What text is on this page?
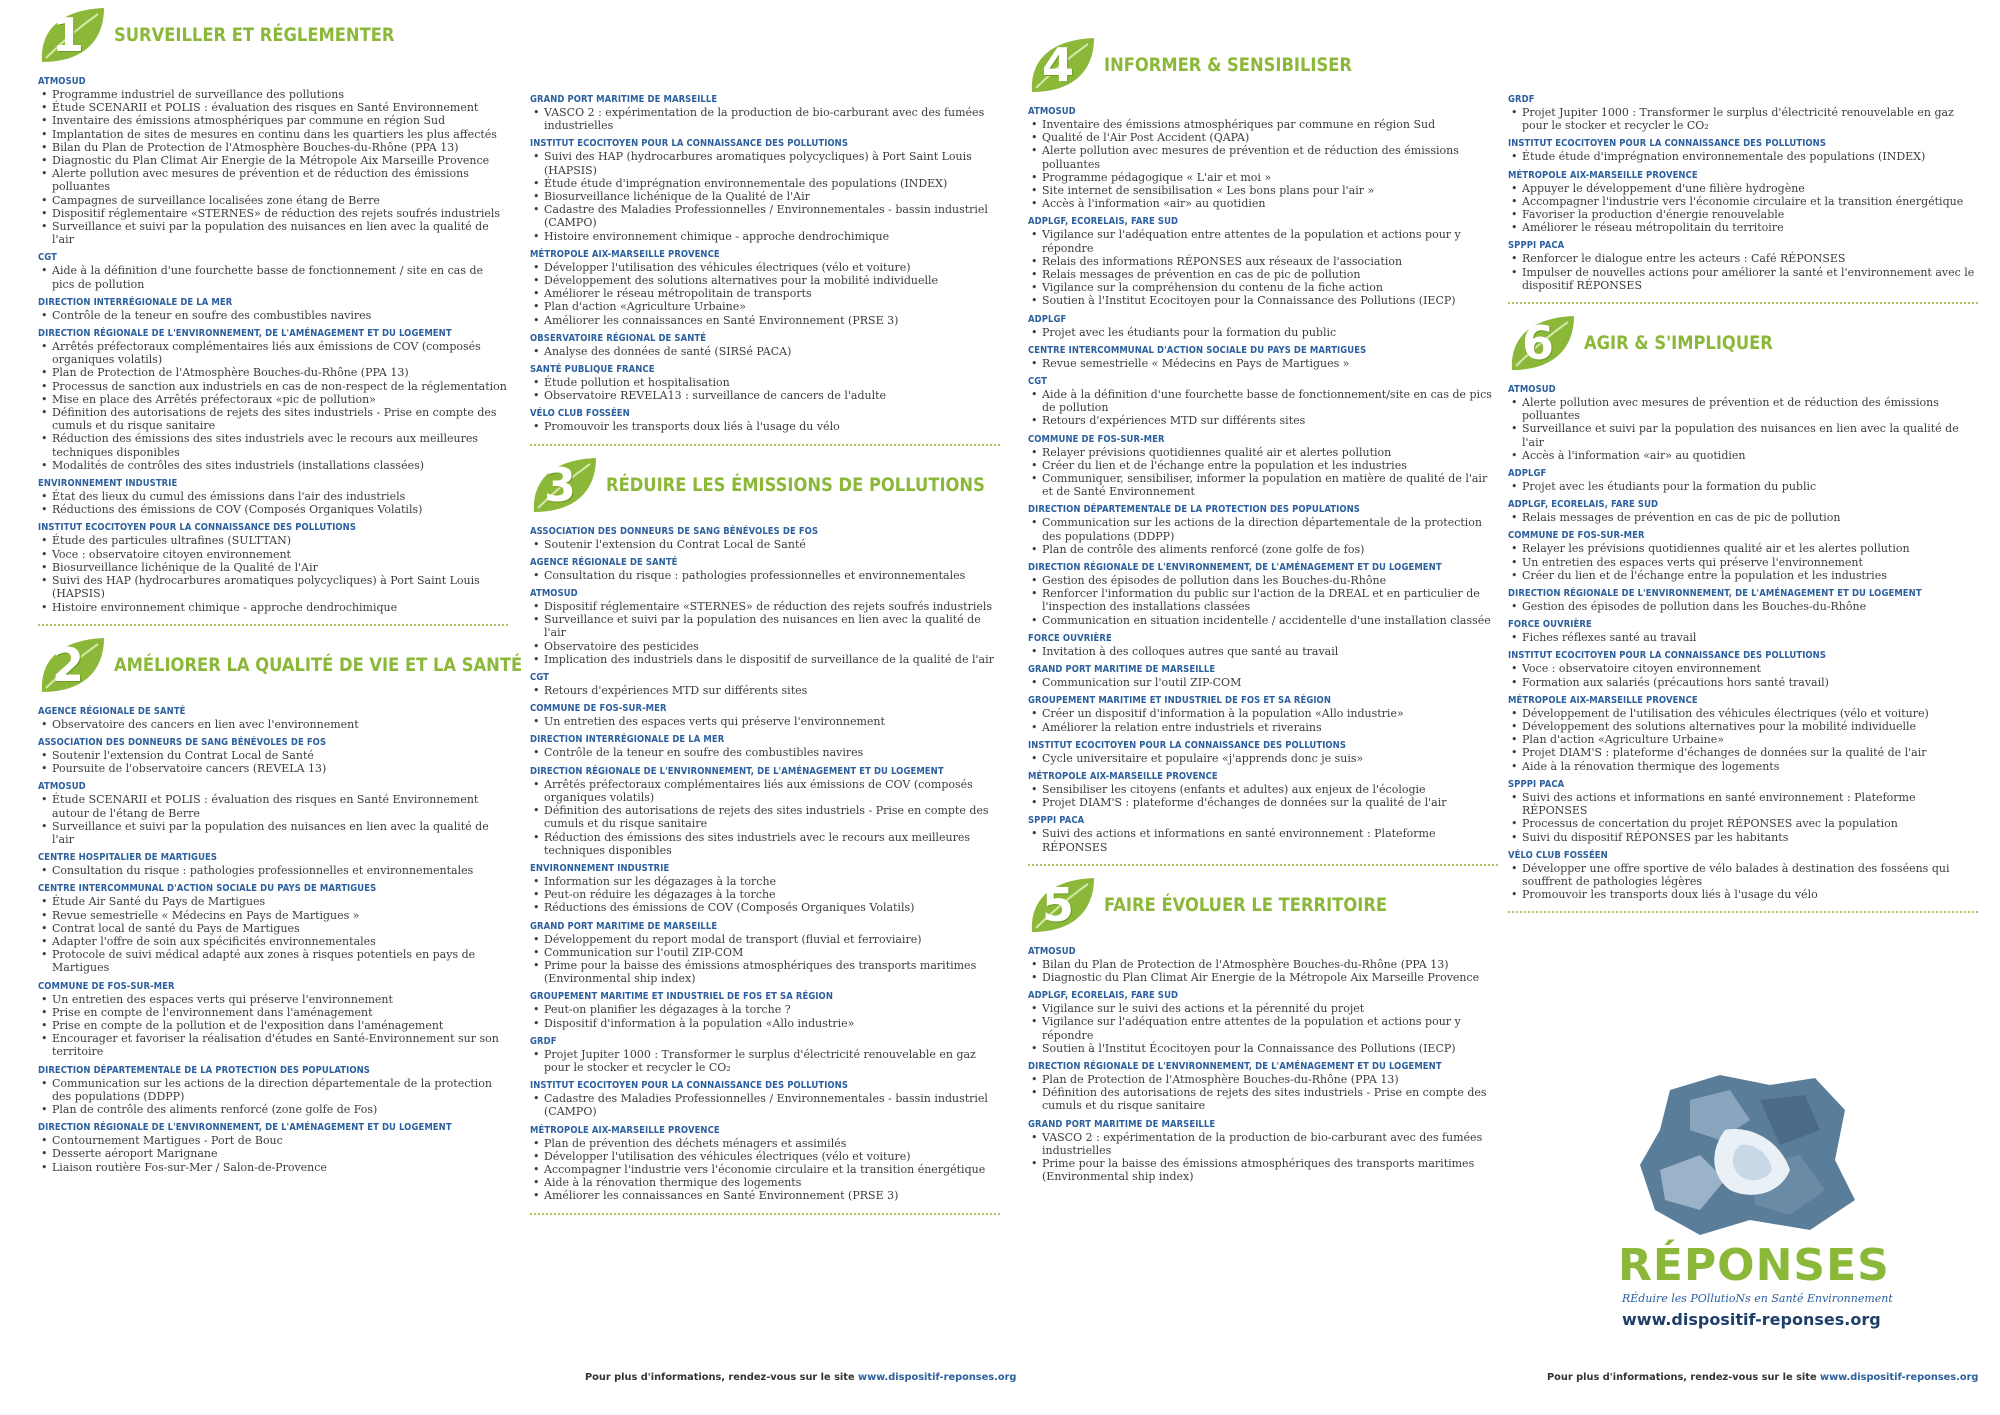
1 SURVEILLER ET RÉGLEMENTER
ATMOSUD
• Programme industriel de surveillance des pollutions
• Étude SCENARII et POLIS : évaluation des risques en Santé Environnement
• Inventaire des émissions atmosphériques par commune en région Sud
• Implantation de sites de mesures en continu dans les quartiers les plus affectés
• Bilan du Plan de Protection de l'Atmosphère Bouches-du-Rhône (PPA 13)
• Diagnostic du Plan Climat Air Energie de la Métropole Aix Marseille Provence
• Alerte pollution avec mesures de prévention et de réduction des émissions polluantes
• Campagnes de surveillance localisées zone étang de Berre
• Dispositif réglementaire «STERNES» de réduction des rejets soufrés industriels
• Surveillance et suivi par la population des nuisances en lien avec la qualité de l'air
CGT
• Aide à la définition d'une fourchette basse de fonctionnement / site en cas de pics de pollution
DIRECTION INTERRÉGIONALE DE LA MER
• Contrôle de la teneur en soufre des combustibles navires
DIRECTION RÉGIONALE DE L'ENVIRONNEMENT, DE L'AMÉNAGEMENT ET DU LOGEMENT
• Arrêtés préfectoraux complémentaires liés aux émissions de COV (composés organiques volatils)
• Plan de Protection de l'Atmosphère Bouches-du-Rhône (PPA 13)
• Processus de sanction aux industriels en cas de non-respect de la réglementation
• Mise en place des Arrêtés préfectoraux «pic de pollution»
• Définition des autorisations de rejets des sites industriels - Prise en compte des cumuls et du risque sanitaire
• Réduction des émissions des sites industriels avec le recours aux meilleures techniques disponibles
• Modalités de contrôles des sites industriels (installations classées)
ENVIRONNEMENT INDUSTRIE
• État des lieux du cumul des émissions dans l'air des industriels
• Réductions des émissions de COV (Composés Organiques Volatils)
INSTITUT ECOCITOYEN POUR LA CONNAISSANCE DES POLLUTIONS
• Étude des particules ultrafines (SULTTAN)
• Voce : observatoire citoyen environnement
• Biosurveillance lichénique de la Qualité de l'Air
• Suivi des HAP (hydrocarbures aromatiques polycycliques) à Port Saint Louis (HAPSIS)
• Histoire environnement chimique - approche dendrochimique
2 AMÉLIORER LA QUALITÉ DE VIE ET LA SANTÉ
AGENCE RÉGIONALE DE SANTÉ
• Observatoire des cancers en lien avec l'environnement
ASSOCIATION DES DONNEURS DE SANG BÉNÉVOLES DE FOS
• Soutenir l'extension du Contrat Local de Santé
• Poursuite de l'observatoire cancers (REVELA 13)
ATMOSUD
• Étude SCENARII et POLIS : évaluation des risques en Santé Environnement autour de l'étang de Berre
• Surveillance et suivi par la population des nuisances en lien avec la qualité de l'air
CENTRE HOSPITALIER DE MARTIGUES
• Consultation du risque : pathologies professionnelles et environnementales
CENTRE INTERCOMMUNAL D'ACTION SOCIALE DU PAYS DE MARTIGUES
• Étude Air Santé du Pays de Martigues
• Revue semestrielle « Médecins en Pays de Martigues »
• Contrat local de santé du Pays de Martigues
• Adapter l'offre de soin aux spécificités environnementales
• Protocole de suivi médical adapté aux zones à risques potentiels en pays de Martigues
COMMUNE DE FOS-SUR-MER
• Un entretien des espaces verts qui préserve l'environnement
• Prise en compte de l'environnement dans l'aménagement
• Prise en compte de la pollution et de l'exposition dans l'aménagement
• Encourager et favoriser la réalisation d'études en Santé-Environnement sur son territoire
DIRECTION DÉPARTEMENTALE DE LA PROTECTION DES POPULATIONS
• Communication sur les actions de la direction départementale de la protection des populations (DDPP)
• Plan de contrôle des aliments renforcé (zone golfe de Fos)
DIRECTION RÉGIONALE DE L'ENVIRONNEMENT, DE L'AMÉNAGEMENT ET DU LOGEMENT
• Contournement Martigues - Port de Bouc
• Desserte aéroport Marignane
• Liaison routière Fos-sur-Mer / Salon-de-Provence
GRAND PORT MARITIME DE MARSEILLE
• VASCO 2 : expérimentation de la production de bio-carburant avec des fumées industrielles
INSTITUT ECOCITOYEN POUR LA CONNAISSANCE DES POLLUTIONS
• Suivi des HAP (hydrocarbures aromatiques polycycliques) à Port Saint Louis (HAPSIS)
• Étude étude d'imprégnation environnementale des populations (INDEX)
• Biosurveillance lichénique de la Qualité de l'Air
• Cadastre des Maladies Professionnelles / Environnementales - bassin industriel (CAMPO)
• Histoire environnement chimique - approche dendrochimique
MÉTROPOLE AIX-MARSEILLE PROVENCE
• Développer l'utilisation des véhicules électriques (vélo et voiture)
• Développement des solutions alternatives pour la mobilité individuelle
• Améliorer le réseau métropolitain de transports
• Plan d'action «Agriculture Urbaine»
• Améliorer les connaissances en Santé Environnement (PRSE 3)
OBSERVATOIRE RÉGIONAL DE SANTÉ
• Analyse des données de santé (SIRSé PACA)
SANTÉ PUBLIQUE FRANCE
• Étude pollution et hospitalisation
• Observatoire REVELA13 : surveillance de cancers de l'adulte
VÉLO CLUB FOSSÉEN
• Promouvoir les transports doux liés à l'usage du vélo
3 RÉDUIRE LES ÉMISSIONS DE POLLUTIONS
ASSOCIATION DES DONNEURS DE SANG BÉNÉVOLES DE FOS
• Soutenir l'extension du Contrat Local de Santé
AGENCE RÉGIONALE DE SANTÉ
• Consultation du risque : pathologies professionnelles et environnementales
ATMOSUD
• Dispositif réglementaire «STERNES» de réduction des rejets soufrés industriels
• Surveillance et suivi par la population des nuisances en lien avec la qualité de l'air
• Observatoire des pesticides
• Implication des industriels dans le dispositif de surveillance de la qualité de l'air
CGT
• Retours d'expériences MTD sur différents sites
COMMUNE DE FOS-SUR-MER
• Un entretien des espaces verts qui préserve l'environnement
DIRECTION INTERRÉGIONALE DE LA MER
• Contrôle de la teneur en soufre des combustibles navires
DIRECTION RÉGIONALE DE L'ENVIRONNEMENT, DE L'AMÉNAGEMENT ET DU LOGEMENT
• Arrêtés préfectoraux complémentaires liés aux émissions de COV (composés organiques volatils)
• Définition des autorisations de rejets des sites industriels - Prise en compte des cumuls et du risque sanitaire
• Réduction des émissions des sites industriels avec le recours aux meilleures techniques disponibles
ENVIRONNEMENT INDUSTRIE
• Information sur les dégazages à la torche
• Peut-on réduire les dégazages à la torche
• Réductions des émissions de COV (Composés Organiques Volatils)
GRAND PORT MARITIME DE MARSEILLE
• Développement du report modal de transport (fluvial et ferroviaire)
• Communication sur l'outil ZIP-COM
• Prime pour la baisse des émissions atmosphériques des transports maritimes (Environmental ship index)
GROUPEMENT MARITIME ET INDUSTRIEL DE FOS ET SA RÉGION
• Peut-on planifier les dégazages à la torche ?
• Dispositif d'information à la population «Allo industrie»
GRDF
• Projet Jupiter 1000 : Transformer le surplus d'électricité renouvelable en gaz pour le stocker et recycler le CO₂
INSTITUT ECOCITOYEN POUR LA CONNAISSANCE DES POLLUTIONS
• Cadastre des Maladies Professionnelles / Environnementales - bassin industriel (CAMPO)
MÉTROPOLE AIX-MARSEILLE PROVENCE
• Plan de prévention des déchets ménagers et assimilés
• Développer l'utilisation des véhicules électriques (vélo et voiture)
• Accompagner l'industrie vers l'économie circulaire et la transition énergétique
• Aide à la rénovation thermique des logements
• Améliorer les connaissances en Santé Environnement (PRSE 3)
4 INFORMER & SENSIBILISER
ATMOSUD
• Inventaire des émissions atmosphériques par commune en région Sud
• Qualité de l'Air Post Accident (QAPA)
• Alerte pollution avec mesures de prévention et de réduction des émissions polluantes
• Programme pédagogique « L'air et moi »
• Site internet de sensibilisation « Les bons plans pour l'air »
• Accès à l'information «air» au quotidien
ADPLGF, ECORELAIS, FARE SUD
• Vigilance sur l'adéquation entre attentes de la population et actions pour y répondre
• Relais des informations RÉPONSES aux réseaux de l'association
• Relais messages de prévention en cas de pic de pollution
• Vigilance sur la compréhension du contenu de la fiche action
• Soutien à l'Institut Ecocitoyen pour la Connaissance des Pollutions (IECP)
ADPLGF
• Projet avec les étudiants pour la formation du public
CENTRE INTERCOMMUNAL D'ACTION SOCIALE DU PAYS DE MARTIGUES
• Revue semestrielle « Médecins en Pays de Martigues »
CGT
• Aide à la définition d'une fourchette basse de fonctionnement/site en cas de pics de pollution
• Retours d'expériences MTD sur différents sites
COMMUNE DE FOS-SUR-MER
• Relayer prévisions quotidiennes qualité air et alertes pollution
• Créer du lien et de l'échange entre la population et les industries
• Communiquer, sensibiliser, informer la population en matière de qualité de l'air et de Santé Environnement
DIRECTION DÉPARTEMENTALE DE LA PROTECTION DES POPULATIONS
• Communication sur les actions de la direction départementale de la protection des populations (DDPP)
• Plan de contrôle des aliments renforcé (zone golfe de fos)
DIRECTION RÉGIONALE DE L'ENVIRONNEMENT, DE L'AMÉNAGEMENT ET DU LOGEMENT
• Gestion des épisodes de pollution dans les Bouches-du-Rhône
• Renforcer l'information du public sur l'action de la DREAL et en particulier de l'inspection des installations classées
• Communication en situation incidentelle / accidentelle d'une installation classée
FORCE OUVRIÈRE
• Invitation à des colloques autres que santé au travail
GRAND PORT MARITIME DE MARSEILLE
• Communication sur l'outil ZIP-COM
GROUPEMENT MARITIME ET INDUSTRIEL DE FOS ET SA RÉGION
• Créer un dispositif d'information à la population «Allo industrie»
• Améliorer la relation entre industriels et riverains
INSTITUT ECOCITOYEN POUR LA CONNAISSANCE DES POLLUTIONS
• Cycle universitaire et populaire «j'apprends donc je suis»
MÉTROPOLE AIX-MARSEILLE PROVENCE
• Sensibiliser les citoyens (enfants et adultes) aux enjeux de l'écologie
• Projet DIAM'S : plateforme d'échanges de données sur la qualité de l'air
SPPPI PACA
• Suivi des actions et informations en santé environnement : Plateforme RÉPONSES
5 FAIRE ÉVOLUER LE TERRITOIRE
ATMOSUD
• Bilan du Plan de Protection de l'Atmosphère Bouches-du-Rhône (PPA 13)
• Diagnostic du Plan Climat Air Energie de la Métropole Aix Marseille Provence
ADPLGF, ECORELAIS, FARE SUD
• Vigilance sur le suivi des actions et la pérennité du projet
• Vigilance sur l'adéquation entre attentes de la population et actions pour y répondre
• Soutien à l'Institut Écocitoyen pour la Connaissance des Pollutions (IECP)
DIRECTION RÉGIONALE DE L'ENVIRONNEMENT, DE L'AMÉNAGEMENT ET DU LOGEMENT
• Plan de Protection de l'Atmosphère Bouches-du-Rhône (PPA 13)
• Définition des autorisations de rejets des sites industriels - Prise en compte des cumuls et du risque sanitaire
GRAND PORT MARITIME DE MARSEILLE
• VASCO 2 : expérimentation de la production de bio-carburant avec des fumées industrielles
• Prime pour la baisse des émissions atmosphériques des transports maritimes (Environmental ship index)
GRDF
• Projet Jupiter 1000 : Transformer le surplus d'électricité renouvelable en gaz pour le stocker et recycler le CO₂
INSTITUT ECOCITOYEN POUR LA CONNAISSANCE DES POLLUTIONS
• Étude étude d'imprégnation environnementale des populations (INDEX)
MÉTROPOLE AIX-MARSEILLE PROVENCE
• Appuyer le développement d'une filière hydrogène
• Accompagner l'industrie vers l'économie circulaire et la transition énergétique
• Favoriser la production d'énergie renouvelable
• Améliorer le réseau métropolitain du territoire
SPPPI PACA
• Renforcer le dialogue entre les acteurs : Café RÉPONSES
• Impulser de nouvelles actions pour améliorer la santé et l'environnement avec le dispositif RÉPONSES
6 AGIR & S'IMPLIQUER
ATMOSUD
• Alerte pollution avec mesures de prévention et de réduction des émissions polluantes
• Surveillance et suivi par la population des nuisances en lien avec la qualité de l'air
• Accès à l'information «air» au quotidien
ADPLGF
• Projet avec les étudiants pour la formation du public
ADPLGF, ECORELAIS, FARE SUD
• Relais messages de prévention en cas de pic de pollution
COMMUNE DE FOS-SUR-MER
• Relayer les prévisions quotidiennes qualité air et les alertes pollution
• Un entretien des espaces verts qui préserve l'environnement
• Créer du lien et de l'échange entre la population et les industries
DIRECTION RÉGIONALE DE L'ENVIRONNEMENT, DE L'AMÉNAGEMENT ET DU LOGEMENT
• Gestion des épisodes de pollution dans les Bouches-du-Rhône
FORCE OUVRIÈRE
• Fiches réflexes santé au travail
INSTITUT ECOCITOYEN POUR LA CONNAISSANCE DES POLLUTIONS
• Voce : observatoire citoyen environnement
• Formation aux salariés (précautions hors santé travail)
MÉTROPOLE AIX-MARSEILLE PROVENCE
• Développement de l'utilisation des véhicules électriques (vélo et voiture)
• Développement des solutions alternatives pour la mobilité individuelle
• Plan d'action «Agriculture Urbaine»
• Projet DIAM'S : plateforme d'échanges de données sur la qualité de l'air
• Aide à la rénovation thermique des logements
SPPPI PACA
• Suivi des actions et informations en santé environnement : Plateforme RÉPONSES
• Processus de concertation du projet RÉPONSES avec la population
• Suivi du dispositif RÉPONSES par les habitants
VÉLO CLUB FOSSÉEN
• Développer une offre sportive de vélo balades à destination des fosséens qui souffrent de pathologies légères
• Promouvoir les transports doux liés à l'usage du vélo
RÉPONSES
RÉduire les POllutioNs en Santé Environnement
www.dispositif-reponses.org
Pour plus d'informations, rendez-vous sur le site www.dispositif-reponses.org	Pour plus d'informations, rendez-vous sur le site www.dispositif-reponses.org
